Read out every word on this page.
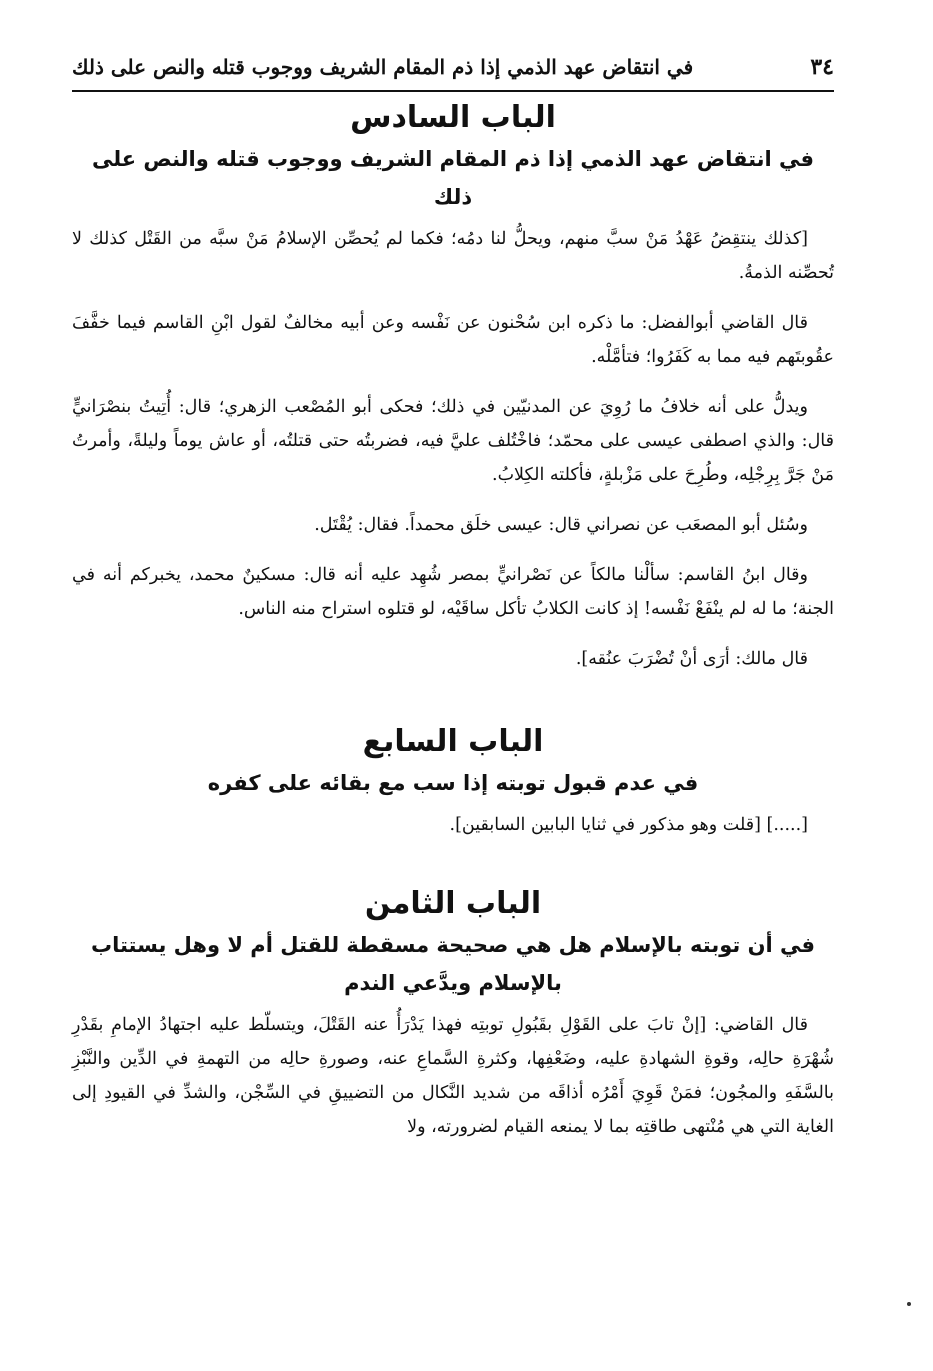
في انتقاض عهد الذمي إذا ذم المقام الشريف ووجوب قتله والنص على ذلك	٣٤
الباب السادس
في انتقاض عهد الذمي إذا ذم المقام الشريف ووجوب قتله والنص على ذلك

[كذلك ينتقِضُ عَهْدُ مَنْ سبَّ منهم، ويحلُّ لنا دمُه؛ فكما لم يُحصِّن الإسلامُ مَنْ سبَّه من القَتْل كذلك لا تُحصِّنه الذمةُ.

قال القاضي أبوالفضل: ما ذكره ابن سُحْنون عن نَفْسه وعن أبيه مخالفٌ لقول ابْنِ القاسم فيما خفَّفَ عقُوبتَهم فيه مما به كَفَرُوا؛ فتأمَّلْه.

ويدلُّ على أنه خلافُ ما رُوِيَ عن المدنيّين في ذلك؛ فحكى أبو المُصْعب الزهري؛ قال: أُتِيتُ بنصْرَانيٍّ قال: والذي اصطفى عيسى على محمّد؛ فاخْتُلف عليَّ فيه، فضربتُه حتى قتلتُه، أو عاش يوماً وليلةً، وأمرتُ مَنْ جَرَّ بِرِجْلِه، وطُرِحَ على مَزْبلةٍ، فأكلته الكِلابُ.

وسُئل أبو المصعَب عن نصراني قال: عيسى خلَق محمداً. فقال: يُقْتَل.

وقال ابنُ القاسم: سألْنا مالكاً عن نَصْرانيٍّ بمصر شُهِد عليه أنه قال: مسكينٌ محمد، يخبركم أنه في الجنة؛ ما له لم ينْفَعْ نَفْسه! إذ كانت الكلابُ تأكل ساقَيْه، لو قتلوه استراح منه الناس.

قال مالك: أرَى أنْ تُضْرَبَ عنُقه].

الباب السابع
في عدم قبول توبته إذا سب مع بقائه على كفره

[.....] [قلت وهو مذكور في ثنايا البابين السابقين].

الباب الثامن
في أن توبته بالإسلام هل هي صحيحة مسقطة للقتل أم لا وهل يستتاب
بالإسلام ويدَّعي الندم

قال القاضي: [إنْ تابَ على القَوْلِ بقَبُولِ توبتِه فهذا يَدْرَأُ عنه القَتْلَ، ويتسلّط عليه اجتهادُ الإمامِ بقَدْرِ شُهْرَةِ حالِه، وقوةِ الشهادةِ عليه، وضَعْفِها، وكثرةِ السَّماعِ عنه، وصورةِ حالِه من التهمةِ في الدِّين والنَّبْزِ بالسَّفَهِ والمجُون؛ فمَنْ قَوِيَ أَمْرُه أذاقَه من شديد النَّكال من التضييقِ في السِّجْن، والشدِّ في القيودِ إلى الغاية التي هي مُنْتهى طاقتِه بما لا يمنعه القيام لضرورته، ولا
